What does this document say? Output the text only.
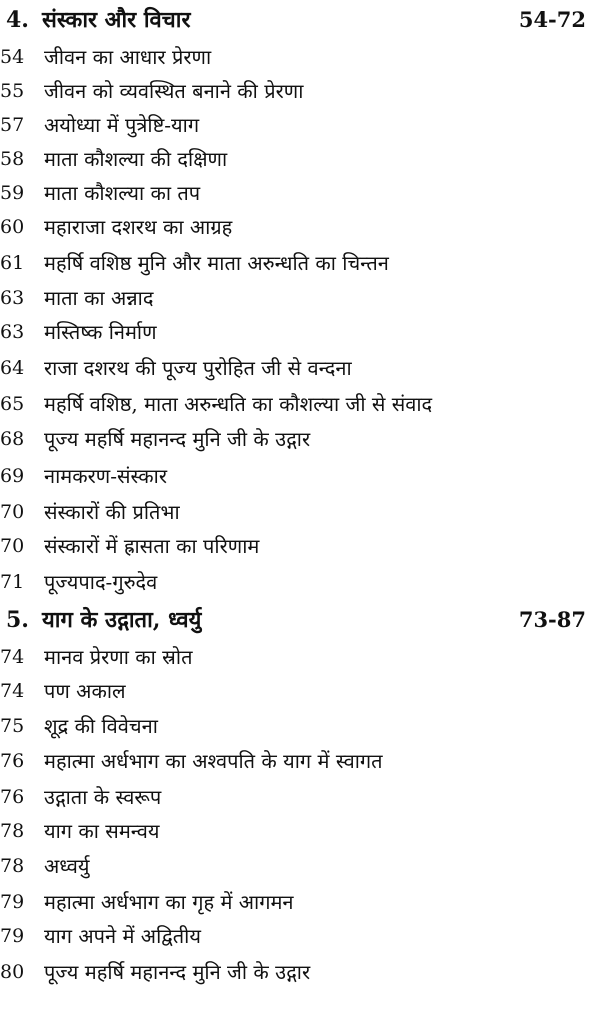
4. संस्कार और विचार	54-72
जीवन का आधार प्रेरणा
54
जीवन को व्यवस्थित बनाने की प्रेरणा
55
अयोध्या में पुत्रेष्टि-याग
57
माता कौशल्या की दक्षिणा
58
माता कौशल्या का तप
59
महाराजा दशरथ का आग्रह
60
महर्षि वशिष्ठ मुनि और माता अरुन्धति का चिन्तन
61
माता का अन्नाद
63
मस्तिष्क निर्माण
63
राजा दशरथ की पूज्य पुरोहित जी से वन्दना
64
महर्षि वशिष्ठ, माता अरुन्धति का कौशल्या जी से संवाद
65
पूज्य महर्षि महानन्द मुनि जी के उद्गार
68
नामकरण-संस्कार
69
संस्कारों की प्रतिभा
70
संस्कारों में ह्रासता का परिणाम
70
पूज्यपाद-गुरुदेव
71
5. याग के उद्गाता, ध्वर्यु	73-87
मानव प्रेरणा का स्रोत
74
पण अकाल
74
शूद्र की विवेचना
75
महात्मा अर्धभाग का अश्वपति के याग में स्वागत
76
उद्गाता के स्वरूप
76
याग का समन्वय
78
अध्वर्यु
78
महात्मा अर्धभाग का गृह में आगमन
79
याग अपने में अद्वितीय
79
पूज्य महर्षि महानन्द मुनि जी के उद्गार
80
